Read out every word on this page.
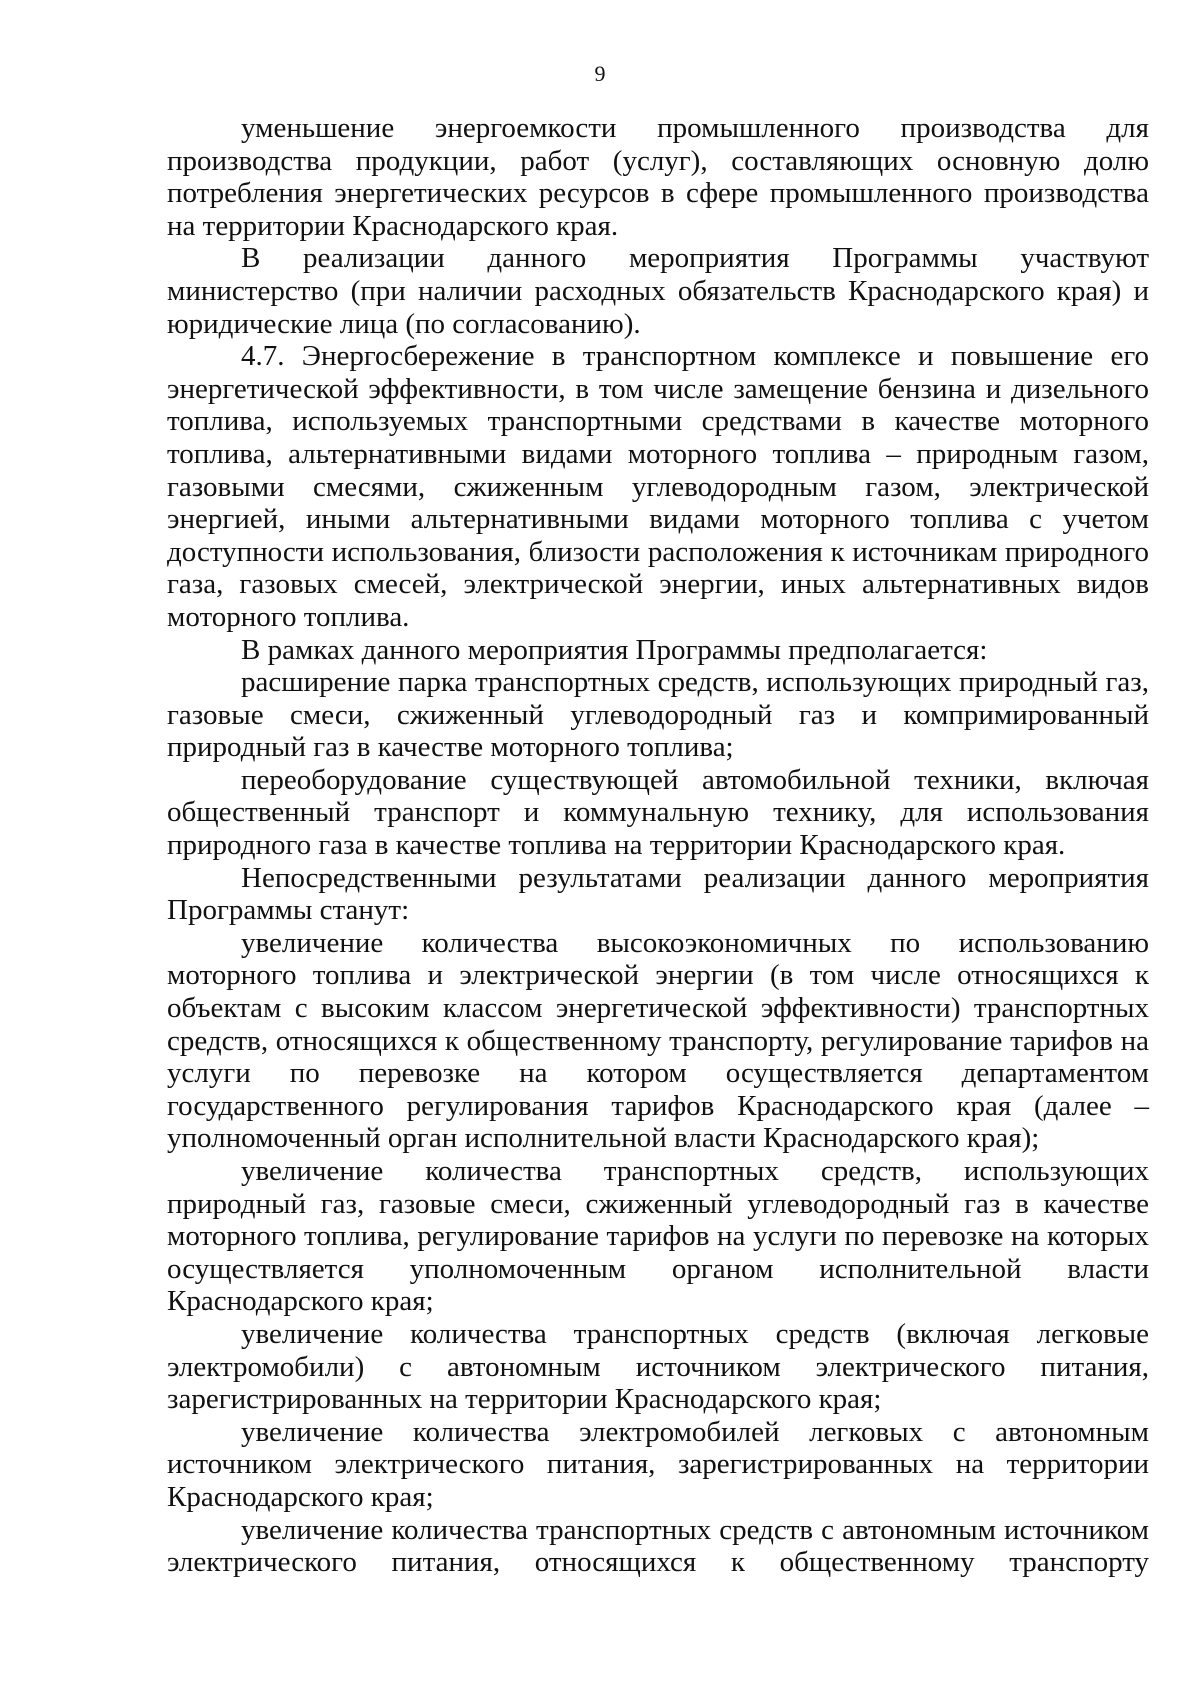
9

уменьшение энергоемкости промышленного производства для производства продукции, работ (услуг), составляющих основную долю потребления энергетических ресурсов в сфере промышленного производства на территории Краснодарского края.

В реализации данного мероприятия Программы участвуют министерство (при наличии расходных обязательств Краснодарского края) и юридические лица (по согласованию).

4.7. Энергосбережение в транспортном комплексе и повышение его энергетической эффективности, в том числе замещение бензина и дизельного топлива, используемых транспортными средствами в качестве моторного топлива, альтернативными видами моторного топлива – природным газом, газовыми смесями, сжиженным углеводородным газом, электрической энергией, иными альтернативными видами моторного топлива с учетом доступности использования, близости расположения к источникам природного газа, газовых смесей, электрической энергии, иных альтернативных видов моторного топлива.

В рамках данного мероприятия Программы предполагается:

расширение парка транспортных средств, использующих природный газ, газовые смеси, сжиженный углеводородный газ и компримированный природный газ в качестве моторного топлива;

переоборудование существующей автомобильной техники, включая общественный транспорт и коммунальную технику, для использования природного газа в качестве топлива на территории Краснодарского края.

Непосредственными результатами реализации данного мероприятия Программы станут:

увеличение количества высокоэкономичных по использованию моторного топлива и электрической энергии (в том числе относящихся к объектам с высоким классом энергетической эффективности) транспортных средств, относящихся к общественному транспорту, регулирование тарифов на услуги по перевозке на котором осуществляется департаментом государственного регулирования тарифов Краснодарского края (далее – уполномоченный орган исполнительной власти Краснодарского края);

увеличение количества транспортных средств, использующих природный газ, газовые смеси, сжиженный углеводородный газ в качестве моторного топлива, регулирование тарифов на услуги по перевозке на которых осуществляется уполномоченным органом исполнительной власти Краснодарского края;

увеличение количества транспортных средств (включая легковые электромобили) с автономным источником электрического питания, зарегистрированных на территории Краснодарского края;

увеличение количества электромобилей легковых с автономным источником электрического питания, зарегистрированных на территории Краснодарского края;

увеличение количества транспортных средств с автономным источником электрического питания, относящихся к общественному транспорту
